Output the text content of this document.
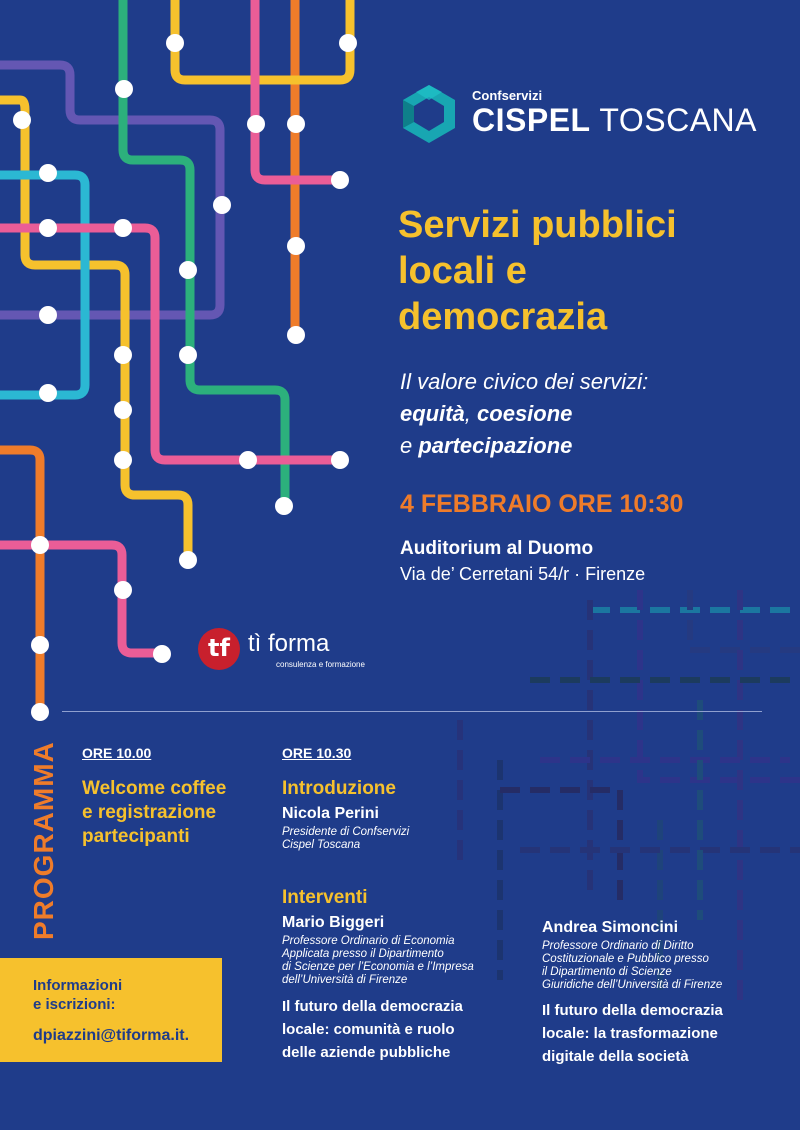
Confservizi
CISPEL TOSCANA
Servizi pubblici
locali e
democrazia
Il valore civico dei servizi:
equità, coesione
e partecipazione
4 FEBBRAIO ORE 10:30
Auditorium al Duomo
Via de’ Cerretani 54/r · Firenze
tf tì forma
consulenza e formazione
PROGRAMMA ORE 10.00
Welcome coffee
e registrazione
partecipanti
ORE 10.30
Introduzione
Nicola Perini
Presidente di Confservizi
Cispel Toscana
Interventi
Mario Biggeri
Professore Ordinario di Economia
Applicata presso il Dipartimento
di Scienze per l’Economia e l’Impresa
dell’Università di Firenze
Il futuro della democrazia
locale: comunità e ruolo
delle aziende pubbliche
Andrea Simoncini
Professore Ordinario di Diritto
Costituzionale e Pubblico presso
il Dipartimento di Scienze
Giuridiche dell’Università di Firenze
Il futuro della democrazia
locale: la trasformazione
digitale della società
Informazioni
e iscrizioni:
dpiazzini@tiforma.it.
